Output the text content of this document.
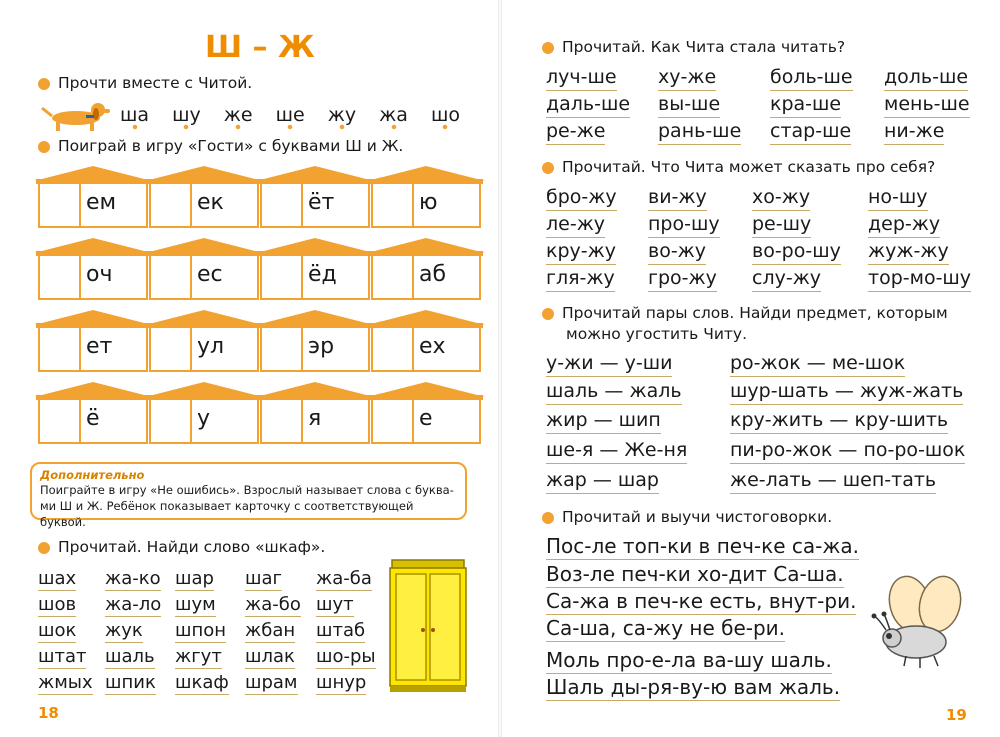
Ш – Ж
Прочти вместе с Читой.
ша шу же ше жу жа шо
Поиграй в игру «Гости» с буквами Ш и Ж.
ем	ек	ёт	ю
оч	ес	ёд	аб
ет	ул	эр	ех
ё	у	я	е
Дополнительно
Поиграйте в игру «Не ошибись». Взрослый называет слова с буква-
ми Ш и Ж. Ребёнок показывает карточку с соответствующей буквой.
Прочитай. Найди слово «шкаф».
шах жа-ко шар шаг жа-ба
шов жа-ло шум жа-бо шут
шок жук шпон жбан штаб
штат шаль жгут шлак шо-ры
жмых шпик шкаф шрам шнур
18
Прочитай. Как Чита стала читать?
луч-ше ху-же	боль-ше доль-ше
даль-ше вы-ше	кра-ше мень-ше
ре-же	рань-ше стар-ше ни-же
Прочитай. Что Чита может сказать про себя?
бро-жу ви-жу хо-жу	но-шу
ле-жу про-шу ре-шу	дер-жу
кру-жу во-жу во-ро-шу жуж-жу
гля-жу гро-жу слу-жу тор-мо-шу
Прочитай пары слов. Найди предмет, которым
можно угостить Читу.
у-жи — у-ши	ро-жок — ме-шок
шаль — жаль	шур-шать — жуж-жать
жир — шип	кру-жить — кру-шить
ше-я — Же-ня пи-ро-жок — по-ро-шок
жар — шар	же-лать — шеп-тать
Прочитай и выучи чистоговорки.
Пос-ле топ-ки в печ-ке са-жа.
Воз-ле печ-ки хо-дит Са-ша.
Са-жа в печ-ке есть, внут-ри.
Са-ша, са-жу не бе-ри.
Моль про-е-ла ва-шу шаль.
Шаль ды-ря-ву-ю вам жаль.
19
